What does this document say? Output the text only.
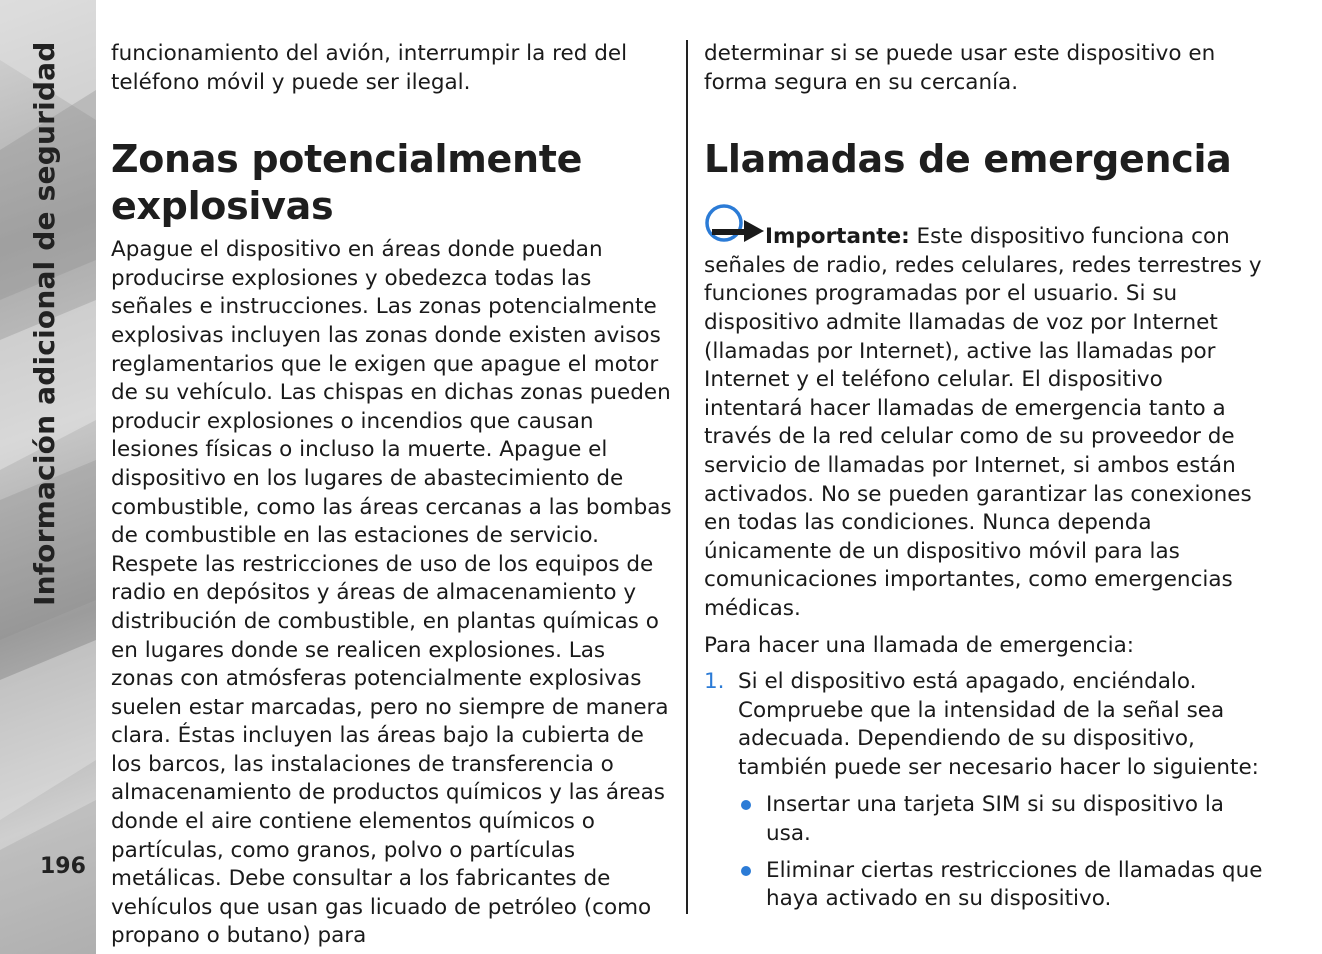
Información adicional de seguridad
196

funcionamiento del avión, interrumpir la red del teléfono móvil y puede ser ilegal.

Zonas potencialmente explosivas

Apague el dispositivo en áreas donde puedan producirse explosiones y obedezca todas las señales e instrucciones. Las zonas potencialmente explosivas incluyen las zonas donde existen avisos reglamentarios que le exigen que apague el motor de su vehículo. Las chispas en dichas zonas pueden producir explosiones o incendios que causan lesiones físicas o incluso la muerte. Apague el dispositivo en los lugares de abastecimiento de combustible, como las áreas cercanas a las bombas de combustible en las estaciones de servicio. Respete las restricciones de uso de los equipos de radio en depósitos y áreas de almacenamiento y distribución de combustible, en plantas químicas o en lugares donde se realicen explosiones. Las zonas con atmósferas potencialmente explosivas suelen estar marcadas, pero no siempre de manera clara. Éstas incluyen las áreas bajo la cubierta de los barcos, las instalaciones de transferencia o almacenamiento de productos químicos y las áreas donde el aire contiene elementos químicos o partículas, como granos, polvo o partículas metálicas. Debe consultar a los fabricantes de vehículos que usan gas licuado de petróleo (como propano o butano) para

determinar si se puede usar este dispositivo en forma segura en su cercanía.

Llamadas de emergencia

Importante: Este dispositivo funciona con señales de radio, redes celulares, redes terrestres y funciones programadas por el usuario. Si su dispositivo admite llamadas de voz por Internet (llamadas por Internet), active las llamadas por Internet y el teléfono celular. El dispositivo intentará hacer llamadas de emergencia tanto a través de la red celular como de su proveedor de servicio de llamadas por Internet, si ambos están activados. No se pueden garantizar las conexiones en todas las condiciones. Nunca dependa únicamente de un dispositivo móvil para las comunicaciones importantes, como emergencias médicas.

Para hacer una llamada de emergencia:

1. Si el dispositivo está apagado, enciéndalo. Compruebe que la intensidad de la señal sea adecuada. Dependiendo de su dispositivo, también puede ser necesario hacer lo siguiente:
Insertar una tarjeta SIM si su dispositivo la usa.
Eliminar ciertas restricciones de llamadas que haya activado en su dispositivo.
